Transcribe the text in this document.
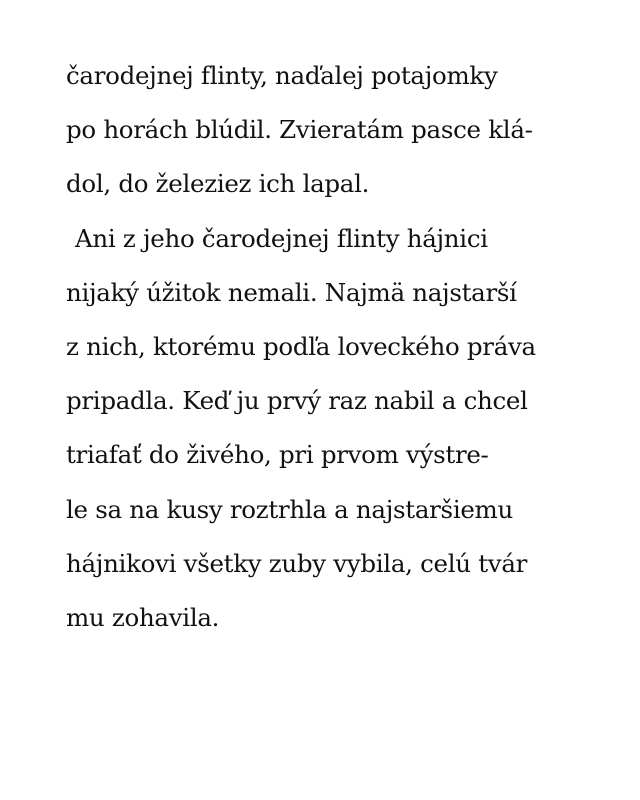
čarodejnej flinty, naďalej potajomky
po horách blúdil. Zvieratám pasce klá-
dol, do železiez ich lapal.
Ani z jeho čarodejnej flinty hájnici
nijaký úžitok nemali. Najmä najstarší
z nich, ktorému podľa loveckého práva
pripadla. Keď ju prvý raz nabil a chcel
triafať do živého, pri prvom výstre-
le sa na kusy roztrhla a najstaršiemu
hájnikovi všetky zuby vybila, celú tvár
mu zohavila.
